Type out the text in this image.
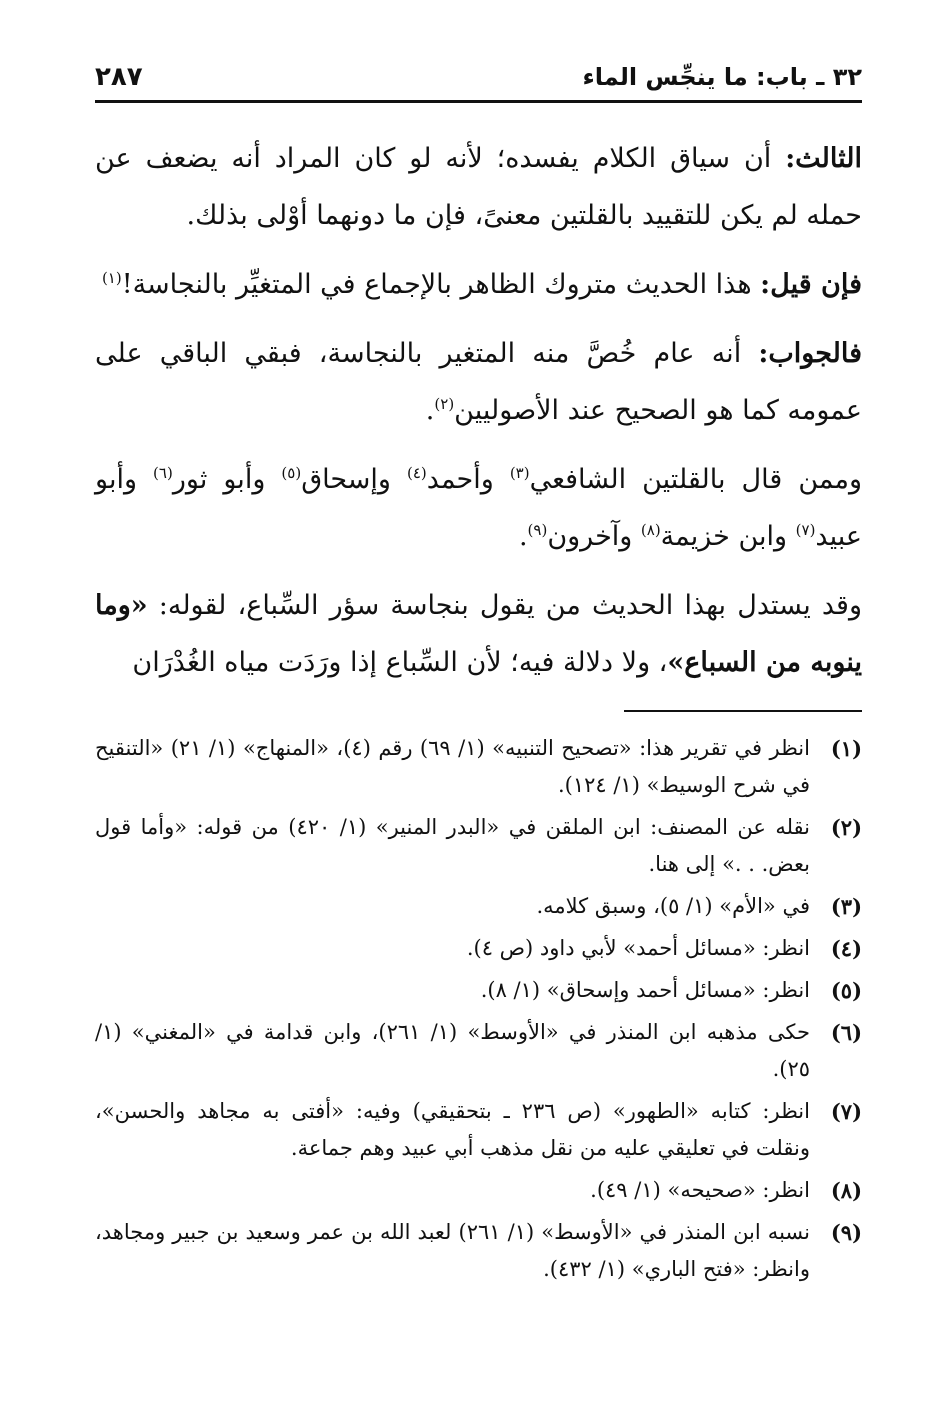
٣٢ ـ باب: ما ينجِّس الماء
٢٨٧

الثالث: أن سياق الكلام يفسده؛ لأنه لو كان المراد أنه يضعف عن حمله لم يكن للتقييد بالقلتين معنىً، فإن ما دونهما أوْلى بذلك.

فإن قيل: هذا الحديث متروك الظاهر بالإجماع في المتغيِّر بالنجاسة!$^{(١)}$

فالجواب: أنه عام خُصَّ منه المتغير بالنجاسة، فبقي الباقي على عمومه كما هو الصحيح عند الأصوليين$^{(٢)}$.

وممن قال بالقلتين الشافعي$^{(٣)}$ وأحمد$^{(٤)}$ وإسحاق$^{(٥)}$ وأبو ثور$^{(٦)}$ وأبو عبيد$^{(٧)}$ وابن خزيمة$^{(٨)}$ وآخرون$^{(٩)}$.

وقد يستدل بهذا الحديث من يقول بنجاسة سؤر السِّباع، لقوله: «وما ينوبه من السباع»، ولا دلالة فيه؛ لأن السِّباع إذا ورَدَت مياه الغُدْرَان

(١)
انظر في تقرير هذا: «تصحيح التنبيه» (١/ ٦٩) رقم (٤)، «المنهاج» (١/ ٢١) «التنقيح في شرح الوسيط» (١/ ١٢٤).
(٢)
نقله عن المصنف: ابن الملقن في «البدر المنير» (١/ ٤٢٠) من قوله: «وأما قول بعض. . .» إلى هنا.
(٣)
في «الأم» (١/ ٥)، وسبق كلامه.
(٤)
انظر: «مسائل أحمد» لأبي داود (ص ٤).
(٥)
انظر: «مسائل أحمد وإسحاق» (١/ ٨).
(٦)
حكى مذهبه ابن المنذر في «الأوسط» (١/ ٢٦١)، وابن قدامة في «المغني» (١/ ٢٥).
(٧)
انظر: كتابه «الطهور» (ص ٢٣٦ ـ بتحقيقي) وفيه: «أفتى به مجاهد والحسن»، ونقلت في تعليقي عليه من نقل مذهب أبي عبيد وهم جماعة.
(٨)
انظر: «صحيحه» (١/ ٤٩).
(٩)
نسبه ابن المنذر في «الأوسط» (١/ ٢٦١) لعبد الله بن عمر وسعيد بن جبير ومجاهد، وانظر: «فتح الباري» (١/ ٤٣٢).
